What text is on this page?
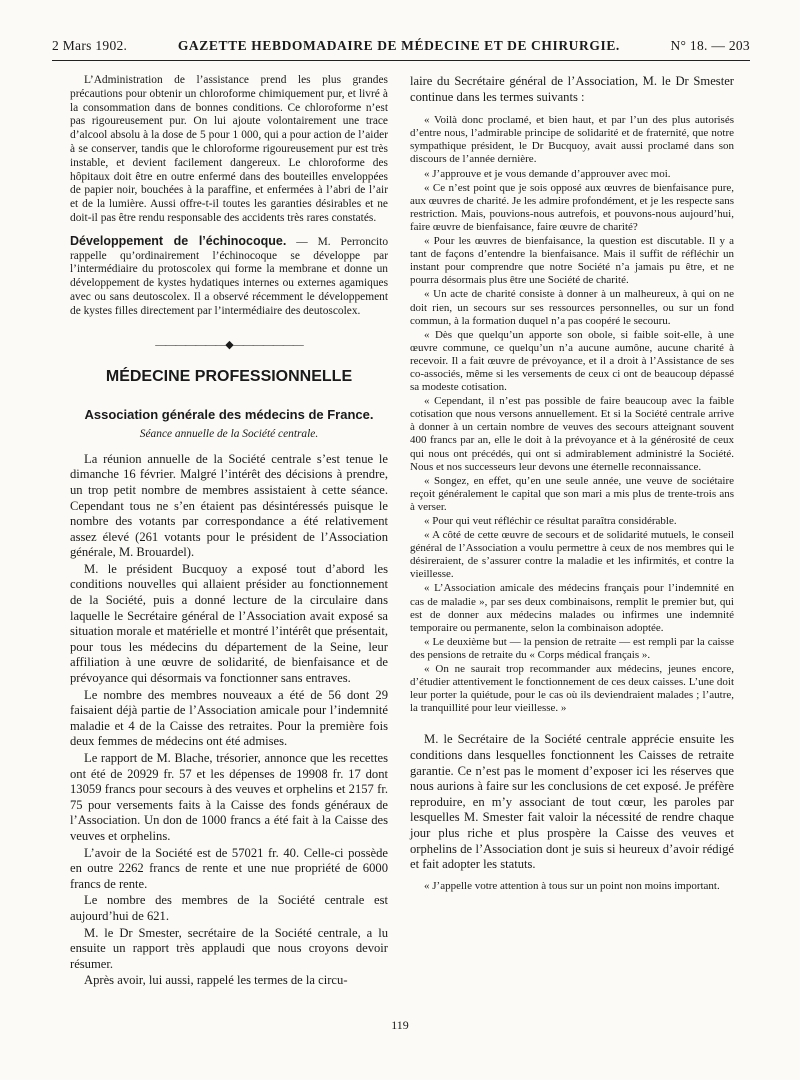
2 Mars 1902.	GAZETTE HEBDOMADAIRE DE MÉDECINE ET DE CHIRURGIE.	N° 18. — 203

L’Administration de l’assistance prend les plus grandes précautions pour obtenir un chloroforme chimiquement pur, et livré à la consommation dans de bonnes conditions. Ce chloroforme n’est pas rigoureusement pur. On lui ajoute volontairement une trace d’alcool absolu à la dose de 5 pour 1 000, qui a pour action de l’aider à se conserver, tandis que le chloroforme rigoureusement pur est très instable, et devient facilement dangereux. Le chloroforme des hôpitaux doit être en outre enfermé dans des bouteilles enveloppées de papier noir, bouchées à la paraffine, et enfermées à l’abri de l’air et de la lumière. Aussi offre-t-il toutes les garanties désirables et ne doit-il pas être rendu responsable des accidents très rares constatés.

Développement de l’échinocoque. — M. Perroncito rappelle qu’ordinairement l’échinocoque se développe par l’intermédiaire du protoscolex qui forme la membrane et donne un développement de kystes hydatiques internes ou externes agamiques avec ou sans deutoscolex. Il a observé récemment le développement de kystes filles directement par l’intermédiaire des deutoscolex.

———————◆———————
MÉDECINE PROFESSIONNELLE
Association générale des médecins de France.
Séance annuelle de la Société centrale.

La réunion annuelle de la Société centrale s’est tenue le dimanche 16 février. Malgré l’intérêt des décisions à prendre, un trop petit nombre de membres assistaient à cette séance. Cependant tous ne s’en étaient pas désintéressés puisque le nombre des votants par correspondance a été relativement assez élevé (261 votants pour le président de l’Association générale, M. Brouardel).

M. le président Bucquoy a exposé tout d’abord les conditions nouvelles qui allaient présider au fonctionnement de la Société, puis a donné lecture de la circulaire dans laquelle le Secrétaire général de l’Association avait exposé sa situation morale et matérielle et montré l’intérêt que présentait, pour tous les médecins du département de la Seine, leur affiliation à une œuvre de solidarité, de bienfaisance et de prévoyance qui désormais va fonctionner sans entraves.

Le nombre des membres nouveaux a été de 56 dont 29 faisaient déjà partie de l’Association amicale pour l’indemnité maladie et 4 de la Caisse des retraites. Pour la première fois deux femmes de médecins ont été admises.

Le rapport de M. Blache, trésorier, annonce que les recettes ont été de 20929 fr. 57 et les dépenses de 19908 fr. 17 dont 13059 francs pour secours à des veuves et orphelins et 2157 fr. 75 pour versements faits à la Caisse des fonds généraux de l’Association. Un don de 1000 francs a été fait à la Caisse des veuves et orphelins.

L’avoir de la Société est de 57021 fr. 40. Celle-ci possède en outre 2262 francs de rente et une nue propriété de 6000 francs de rente.

Le nombre des membres de la Société centrale est aujourd’hui de 621.

M. le Dr Smester, secrétaire de la Société centrale, a lu ensuite un rapport très applaudi que nous croyons devoir résumer.

Après avoir, lui aussi, rappelé les termes de la circu-

laire du Secrétaire général de l’Association, M. le Dr Smester continue dans les termes suivants :

« Voilà donc proclamé, et bien haut, et par l’un des plus autorisés d’entre nous, l’admirable principe de solidarité et de fraternité, que notre sympathique président, le Dr Bucquoy, avait aussi proclamé dans son discours de l’année dernière.

« J’approuve et je vous demande d’approuver avec moi.

« Ce n’est point que je sois opposé aux œuvres de bienfaisance pure, aux œuvres de charité. Je les admire profondément, et je les respecte sans restriction. Mais, pouvions-nous autrefois, et pouvons-nous aujourd’hui, faire œuvre de bienfaisance, faire œuvre de charité?

« Pour les œuvres de bienfaisance, la question est discutable. Il y a tant de façons d’entendre la bienfaisance. Mais il suffit de réfléchir un instant pour comprendre que notre Société n’a jamais pu être, et ne pourra désormais plus être une Société de charité.

« Un acte de charité consiste à donner à un malheureux, à qui on ne doit rien, un secours sur ses ressources personnelles, ou sur un fond commun, à la formation duquel n’a pas coopéré le secouru.

« Dès que quelqu’un apporte son obole, si faible soit-elle, à une œuvre commune, ce quelqu’un n’a aucune aumône, aucune charité à recevoir. Il a fait œuvre de prévoyance, et il a droit à l’Assistance de ses co-associés, même si les versements de ceux ci ont de beaucoup dépassé sa modeste cotisation.

« Cependant, il n’est pas possible de faire beaucoup avec la faible cotisation que nous versons annuellement. Et si la Société centrale arrive à donner à un certain nombre de veuves des secours atteignant souvent 400 francs par an, elle le doit à la prévoyance et à la générosité de ceux qui nous ont précédés, qui ont si admirablement administré la Société. Nous et nos successeurs leur devons une éternelle reconnaissance.

« Songez, en effet, qu’en une seule année, une veuve de sociétaire reçoit généralement le capital que son mari a mis plus de trente-trois ans à verser.

« Pour qui veut réfléchir ce résultat paraîtra considérable.

« A côté de cette œuvre de secours et de solidarité mutuels, le conseil général de l’Association a voulu permettre à ceux de nos membres qui le désireraient, de s’assurer contre la maladie et les infirmités, et contre la vieillesse.

« L’Association amicale des médecins français pour l’indemnité en cas de maladie », par ses deux combinaisons, remplit le premier but, qui est de donner aux médecins malades ou infirmes une indemnité temporaire ou permanente, selon la combinaison adoptée.

« Le deuxième but — la pension de retraite — est rempli par la caisse des pensions de retraite du « Corps médical français ».

« On ne saurait trop recommander aux médecins, jeunes encore, d’étudier attentivement le fonctionnement de ces deux caisses. L’une doit leur porter la quiétude, pour le cas où ils deviendraient malades ; l’autre, la tranquillité pour leur vieillesse. »

M. le Secrétaire de la Société centrale apprécie ensuite les conditions dans lesquelles fonctionnent les Caisses de retraite garantie. Ce n’est pas le moment d’exposer ici les réserves que nous aurions à faire sur les conclusions de cet exposé. Je préfère reproduire, en m’y associant de tout cœur, les paroles par lesquelles M. Smester fait valoir la nécessité de rendre chaque jour plus riche et plus prospère la Caisse des veuves et orphelins de l’Association dont je suis si heureux d’avoir rédigé et fait adopter les statuts.

« J’appelle votre attention à tous sur un point non moins important.

119
